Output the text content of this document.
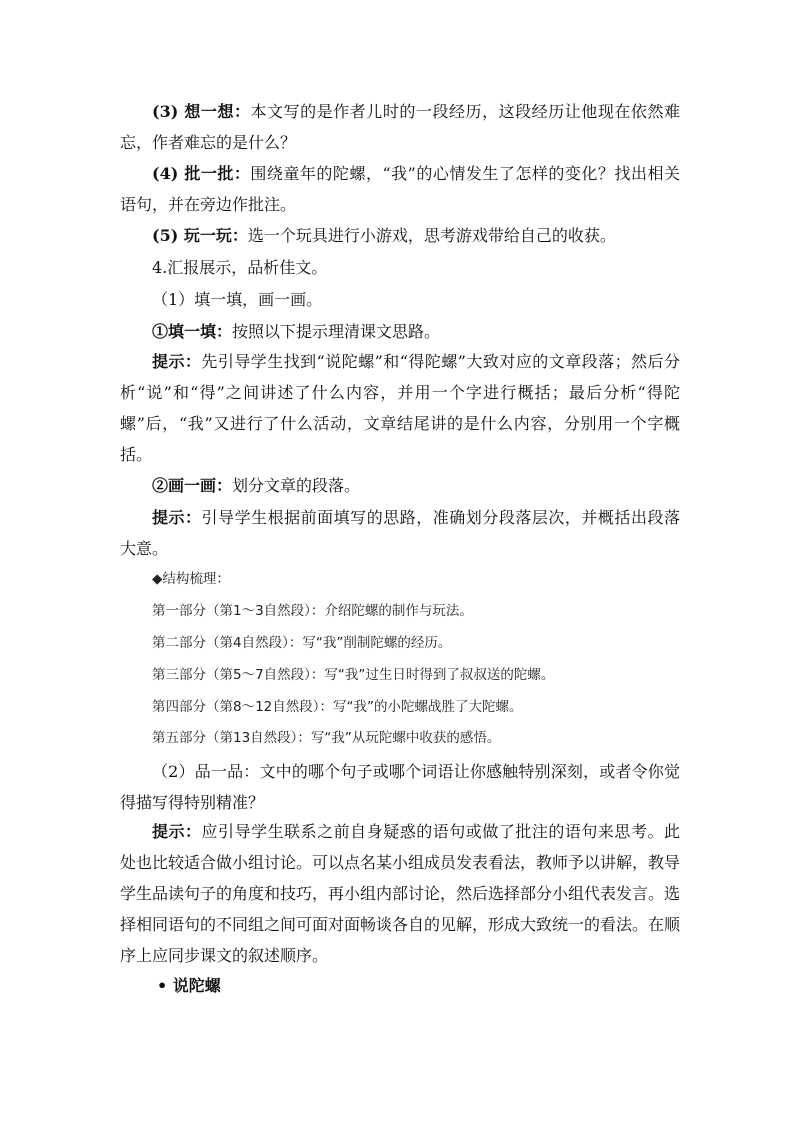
(3) 想一想：本文写的是作者儿时的一段经历，这段经历让他现在依然难忘，作者难忘的是什么？

(4) 批一批：围绕童年的陀螺，“我”的心情发生了怎样的变化？找出相关语句，并在旁边作批注。

(5) 玩一玩：选一个玩具进行小游戏，思考游戏带给自己的收获。

4.汇报展示，品析佳文。

（1）填一填，画一画。

①填一填：按照以下提示理清课文思路。

提示：先引导学生找到“说陀螺”和“得陀螺”大致对应的文章段落；然后分析“说”和“得”之间讲述了什么内容，并用一个字进行概括；最后分析“得陀螺”后，“我”又进行了什么活动，文章结尾讲的是什么内容，分别用一个字概括。

②画一画：划分文章的段落。

提示：引导学生根据前面填写的思路，准确划分段落层次，并概括出段落大意。

◆结构梳理：

第一部分（第1～3自然段）：介绍陀螺的制作与玩法。

第二部分（第4自然段）：写“我”削制陀螺的经历。

第三部分（第5～7自然段）：写“我”过生日时得到了叔叔送的陀螺。

第四部分（第8～12自然段）：写“我”的小陀螺战胜了大陀螺。

第五部分（第13自然段）：写“我”从玩陀螺中收获的感悟。

（2）品一品：文中的哪个句子或哪个词语让你感触特别深刻，或者令你觉得描写得特别精准？

提示：应引导学生联系之前自身疑惑的语句或做了批注的语句来思考。此处也比较适合做小组讨论。可以点名某小组成员发表看法，教师予以讲解，教导学生品读句子的角度和技巧，再小组内部讨论，然后选择部分小组代表发言。选择相同语句的不同组之间可面对面畅谈各自的见解，形成大致统一的看法。在顺序上应同步课文的叙述顺序。

• 说陀螺
